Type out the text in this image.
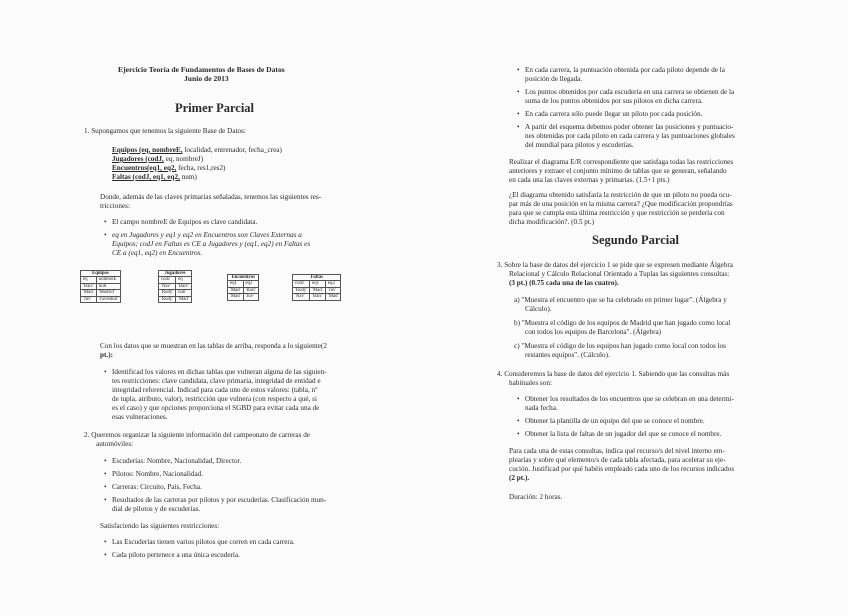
Ejercicio Teoría de Fundamentos de Bases de Datos
Junio de 2013
Primer Parcial
1. Supongamos que tenemos la siguiente Base de Datos:
Equipos (eq, nombreE, localidad, entrenador, fecha_crea)
Jugadores (codJ, eq, nombreJ)
Encuentros(eq1, eq2, fecha, res1,res2)
Faltas (codJ, eq1, eq2, num)
Donde, además de las claves primarias señaladas, tenemos las siguientes res-
tricciones:
• El campo nombreE de Equipos es clave candidata.
• eq en Jugadores y eq1 y eq2 en Encuentros son Claves Externas a
Equipos; codJ en Faltas es CE a Jugadores y (eq1, eq2) en Faltas es
CE a (eq1, eq2) en Encuentros.
Equipos	
eq	nombreE
'Barc'	null
'Mad'	'Madrid'
'Juv'	'Juventud'
Jugadores	
codJ	eq
'Nav'	'Barc'
'Rudy'	null
'Rudy'	'Mad'
Encuentros	
eq1	eq2
'Mad'	'Barc'
'Mad'	'Juv'
Faltas		
codJ	eq1	eq2
'Rudy'	'Mad'	'Juv'
'Nav'	'Barc'	'Mad'
Con los datos que se muestran en las tablas de arriba, responda a lo siguiente(2
pt.):
• Identificad los valores en dichas tablas que vulneran alguna de las siguien-
tes restricciones: clave candidata, clave primaria, integridad de entidad e
integridad referencial. Indicad para cada uno de estos valores: (tabla, nº
de tupla, atributo, valor), restricción que vulnera (con respecto a qué, si
es el caso) y que opciones proporciona el SGBD para evitar cada una de
esas vulneraciones.
2. Queremos organizar la siguiente información del campeonato de carreras de
automóviles:
• Escuderías: Nombre, Nacionalidad, Director.
• Pilotos: Nombre, Nacionalidad.
• Carreras: Circuito, País, Fecha.
• Resultados de las carreras por pilotos y por escuderías. Clasificación mun-
dial de pilotos y de escuderías.
Satisfaciendo las siguientes restricciones:
• Las Escuderías tienen varios pilotos que corren en cada carrera.
• Cada piloto pertenece a una única escudería.
• En cada carrera, la puntuación obtenida por cada piloto depende de la
posición de llegada.
• Los puntos obtenidos por cada escudería en una carrera se obtienen de la
suma de los puntos obtenidos por sus pilotos en dicha carrera.
• En cada carrera sólo puede llegar un piloto por cada posición.
• A partir del esquema debemos poder obtener las posiciones y puntuacio-
nes obtenidas por cada piloto en cada carrera y las puntuaciones globales
del mundial para pilotos y escuderías.
Realizar el diagrama E/R correspondiente que satisfaga todas las restricciones
anteriores y extraer el conjunto mínimo de tablas que se generan, señalando
en cada una las claves externas y primarias. (1.5+1 pts.)
¿El diagrama obtenido satisfaría la restricción de que un piloto no pueda ocu-
par más de una posición en la misma carrera? ¿Que modificación propondrías
para que se cumpla esta última restricción y que restricción se perdería con
dicha modificación?. (0.5 pt.)
Segundo Parcial
3. Sobre la base de datos del ejercicio 1 se pide que se expresen mediante Álgebra
Relacional y Cálculo Relacional Orientado a Tuplas las siguientes consultas:
(3 pt.) (0.75 cada una de las cuatro).
a) "Muestra el encuentro que se ha celebrado en primer lugar". (Álgebra y
Cálculo).
b) "Muestra el código de los equipos de Madrid que han jugado como local
con todos los equipos de Barcelona". (Álgebra)
c) "Muestra el código de los equipos han jugado como local con todos los
restantes equipos". (Cálculo).
4. Consideremos la base de datos del ejercicio 1. Sabiendo que las consultas más
habituales son:
• Obtener los resultados de los encuentros que se celebran en una determi-
nada fecha.
• Obtener la plantilla de un equipo del que se conoce el nombre.
• Obtener la lista de faltas de un jugador del que se conoce el nombre.
Para cada una de estas consultas, indica qué recurso/s del nivel interno em-
plearías y sobre qué elemento/s de cada tabla afectada, para acelerar su eje-
cución. Justificad por qué habéis empleado cada uno de los recursos indicados
(2 pt.).
Duración: 2 horas.
